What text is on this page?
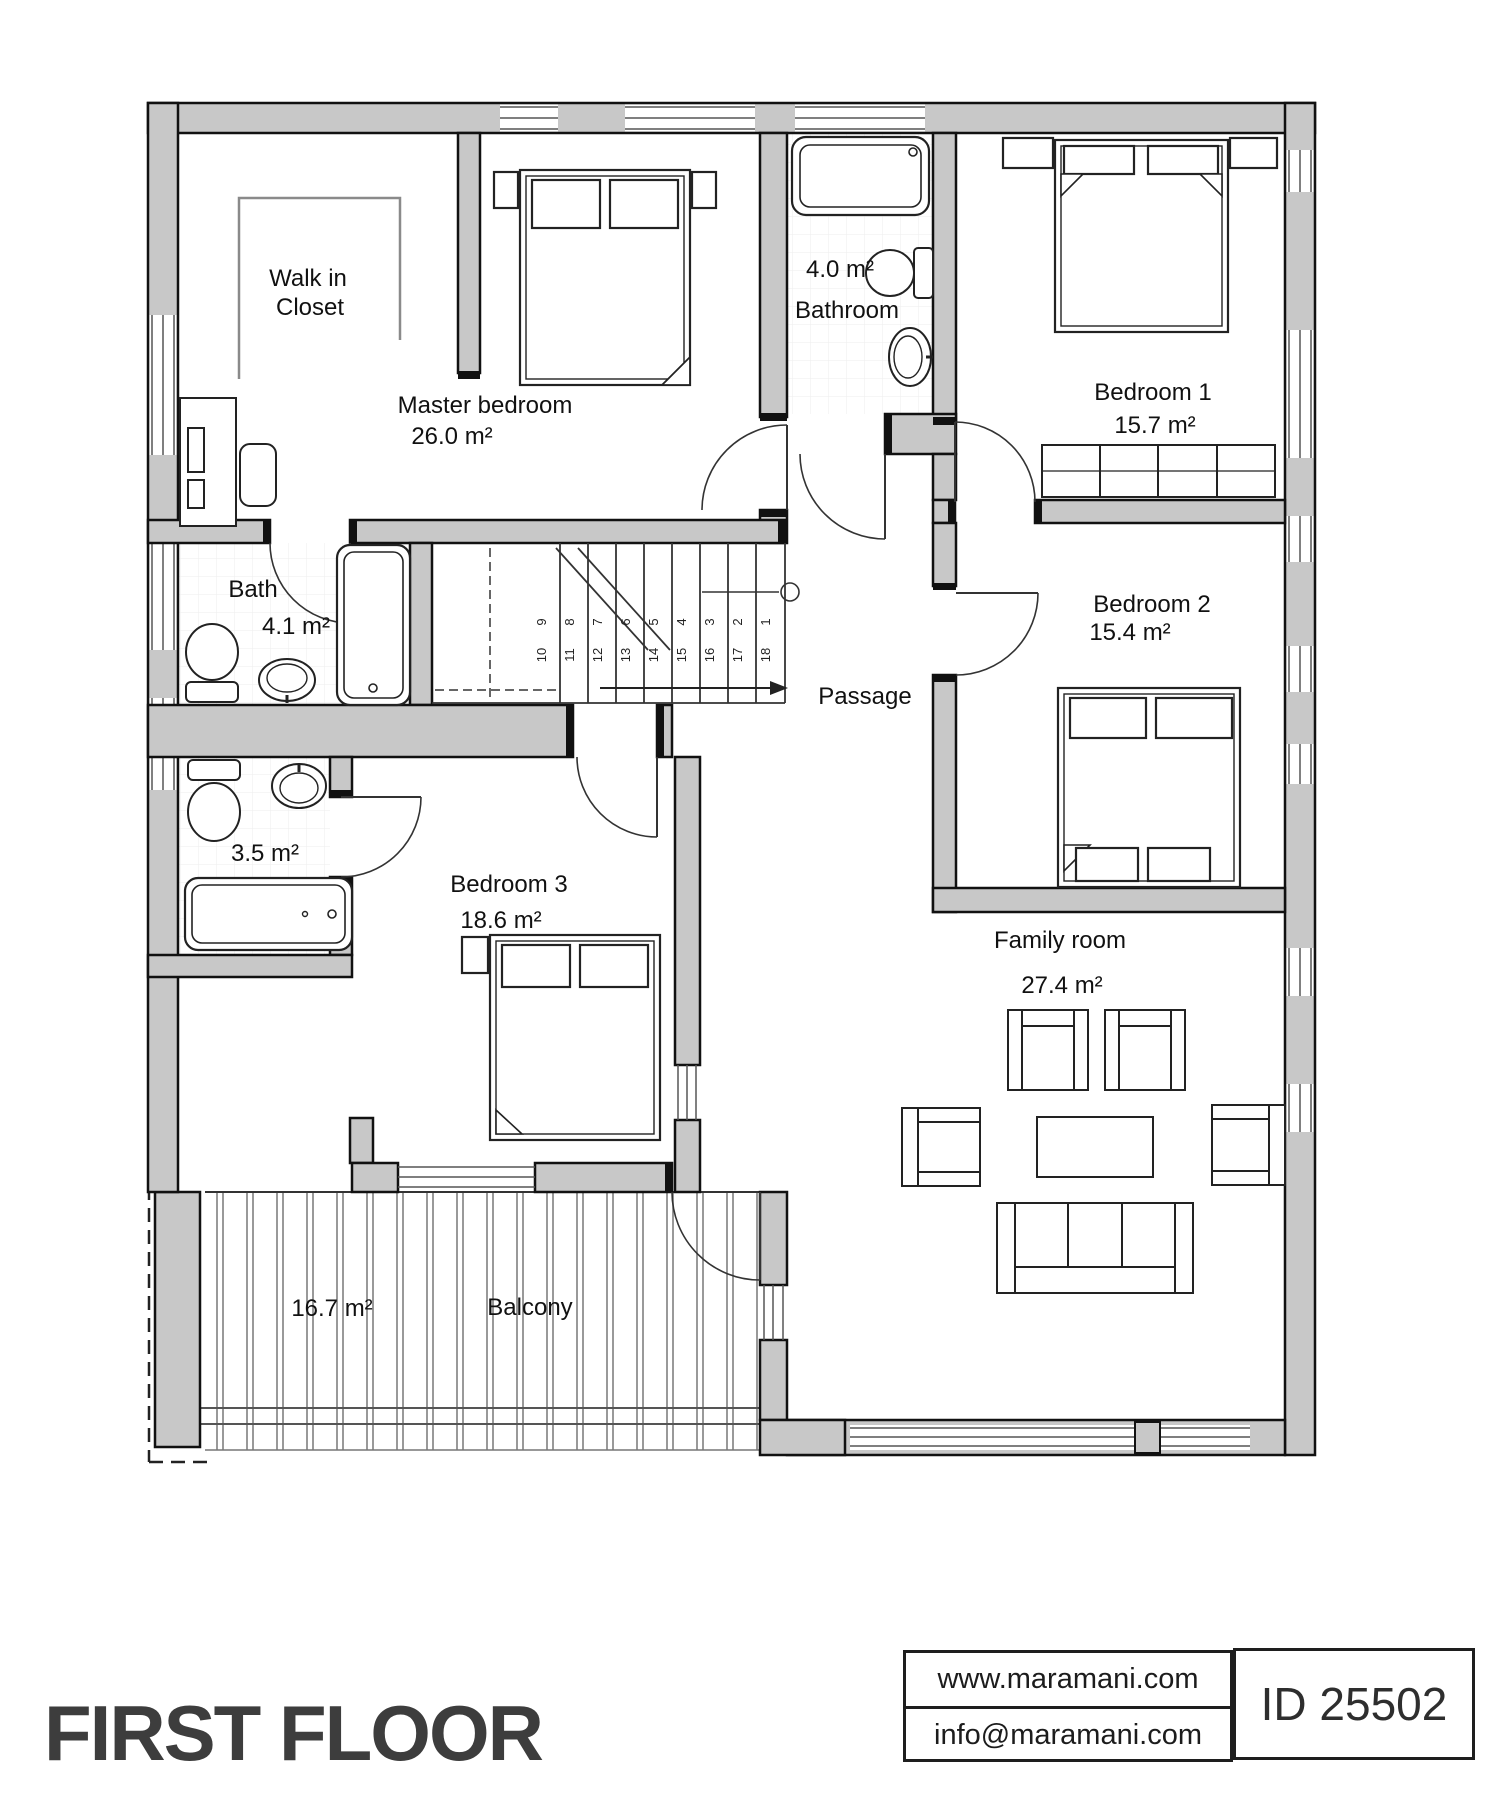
9 8 7 6 5 4 3 2 1
10 11 12 13 14 15 16 17 18
Walk in
Closet
Master bedroom
26.0 m²
4.0 m²
Bathroom
Bedroom 1
15.7 m²
Bedroom 2
15.4 m²
Bath
4.1 m²
3.5 m²
Passage
Bedroom 3
18.6 m²
Family room
27.4 m²
16.7 m²	Balcony
FIRST FLOOR
www.maramani.com
info@maramani.com
ID 25502
